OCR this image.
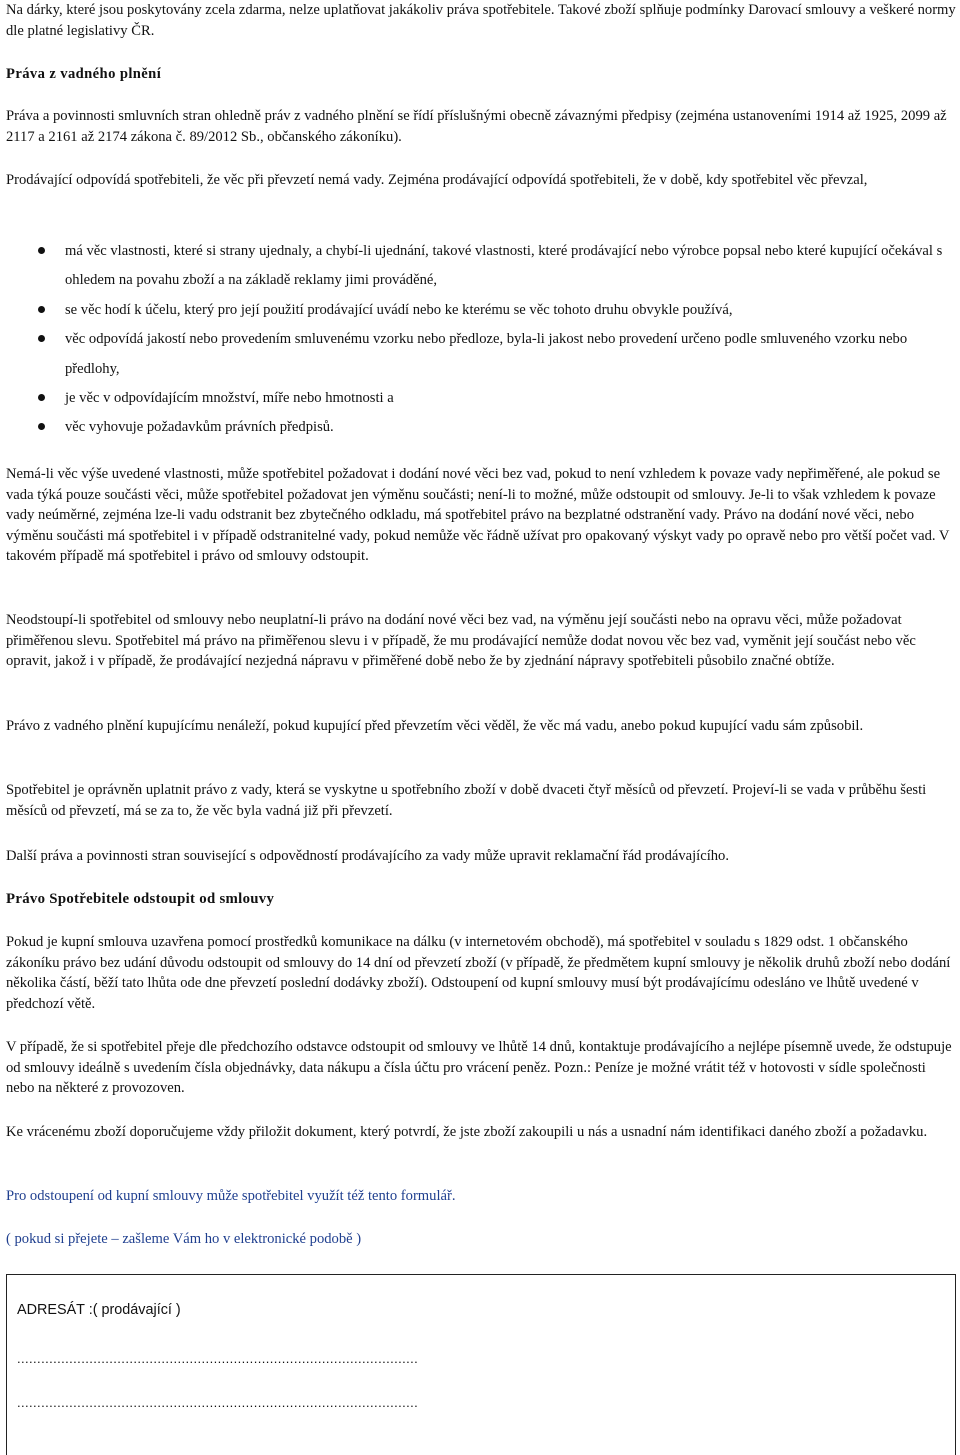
Na dárky, které jsou poskytovány zcela zdarma, nelze uplatňovat jakákoliv práva spotřebitele. Takové zboží splňuje podmínky Darovací smlouvy a veškeré normy dle platné legislativy ČR.

Práva z vadného plnění

Práva a povinnosti smluvních stran ohledně práv z vadného plnění se řídí příslušnými obecně závaznými předpisy (zejména ustanoveními 1914 až 1925, 2099 až 2117 a 2161 až 2174 zákona č. 89/2012 Sb., občanského zákoníku).

Prodávající odpovídá spotřebiteli, že věc při převzetí nemá vady. Zejména prodávající odpovídá spotřebiteli, že v době, kdy spotřebitel věc převzal,

má věc vlastnosti, které si strany ujednaly, a chybí-li ujednání, takové vlastnosti, které prodávající nebo výrobce popsal nebo které kupující očekával s ohledem na povahu zboží a na základě reklamy jimi prováděné,
se věc hodí k účelu, který pro její použití prodávající uvádí nebo ke kterému se věc tohoto druhu obvykle používá,
věc odpovídá jakostí nebo provedením smluvenému vzorku nebo předloze, byla-li jakost nebo provedení určeno podle smluveného vzorku nebo předlohy,
je věc v odpovídajícím množství, míře nebo hmotnosti a
věc vyhovuje požadavkům právních předpisů.

Nemá-li věc výše uvedené vlastnosti, může spotřebitel požadovat i dodání nové věci bez vad, pokud to není vzhledem k povaze vady nepřiměřené, ale pokud se vada týká pouze součásti věci, může spotřebitel požadovat jen výměnu součásti; není-li to možné, může odstoupit od smlouvy. Je-li to však vzhledem k povaze vady neúměrné, zejména lze-li vadu odstranit bez zbytečného odkladu, má spotřebitel právo na bezplatné odstranění vady. Právo na dodání nové věci, nebo výměnu součásti má spotřebitel i v případě odstranitelné vady, pokud nemůže věc řádně užívat pro opakovaný výskyt vady po opravě nebo pro větší počet vad. V takovém případě má spotřebitel i právo od smlouvy odstoupit.

Neodstoupí-li spotřebitel od smlouvy nebo neuplatní-li právo na dodání nové věci bez vad, na výměnu její součásti nebo na opravu věci, může požadovat přiměřenou slevu. Spotřebitel má právo na přiměřenou slevu i v případě, že mu prodávající nemůže dodat novou věc bez vad, vyměnit její součást nebo věc opravit, jakož i v případě, že prodávající nezjedná nápravu v přiměřené době nebo že by zjednání nápravy spotřebiteli působilo značné obtíže.

Právo z vadného plnění kupujícímu nenáleží, pokud kupující před převzetím věci věděl, že věc má vadu, anebo pokud kupující vadu sám způsobil.

Spotřebitel je oprávněn uplatnit právo z vady, která se vyskytne u spotřebního zboží v době dvaceti čtyř měsíců od převzetí. Projeví-li se vada v průběhu šesti měsíců od převzetí, má se za to, že věc byla vadná již při převzetí.

Další práva a povinnosti stran související s odpovědností prodávajícího za vady může upravit reklamační řád prodávajícího.

Právo Spotřebitele odstoupit od smlouvy

Pokud je kupní smlouva uzavřena pomocí prostředků komunikace na dálku (v internetovém obchodě), má spotřebitel v souladu s 1829 odst. 1 občanského zákoníku právo bez udání důvodu odstoupit od smlouvy do 14 dní od převzetí zboží (v případě, že předmětem kupní smlouvy je několik druhů zboží nebo dodání několika částí, běží tato lhůta ode dne převzetí poslední dodávky zboží). Odstoupení od kupní smlouvy musí být prodávajícímu odesláno ve lhůtě uvedené v předchozí větě.

V případě, že si spotřebitel přeje dle předchozího odstavce odstoupit od smlouvy ve lhůtě 14 dnů, kontaktuje prodávajícího a nejlépe písemně uvede, že odstupuje od smlouvy ideálně s uvedením čísla objednávky, data nákupu a čísla účtu pro vrácení peněz. Pozn.: Peníze je možné vrátit též v hotovosti v sídle společnosti nebo na některé z provozoven.

Ke vrácenému zboží doporučujeme vždy přiložit dokument, který potvrdí, že jste zboží zakoupili u nás a usnadní nám identifikaci daného zboží a požadavku.

Pro odstoupení od kupní smlouvy může spotřebitel využít též tento formulář.

( pokud si přejete – zašleme Vám ho v elektronické podobě )

ADRESÁT :( prodávající )
....................................................................................................
....................................................................................................
